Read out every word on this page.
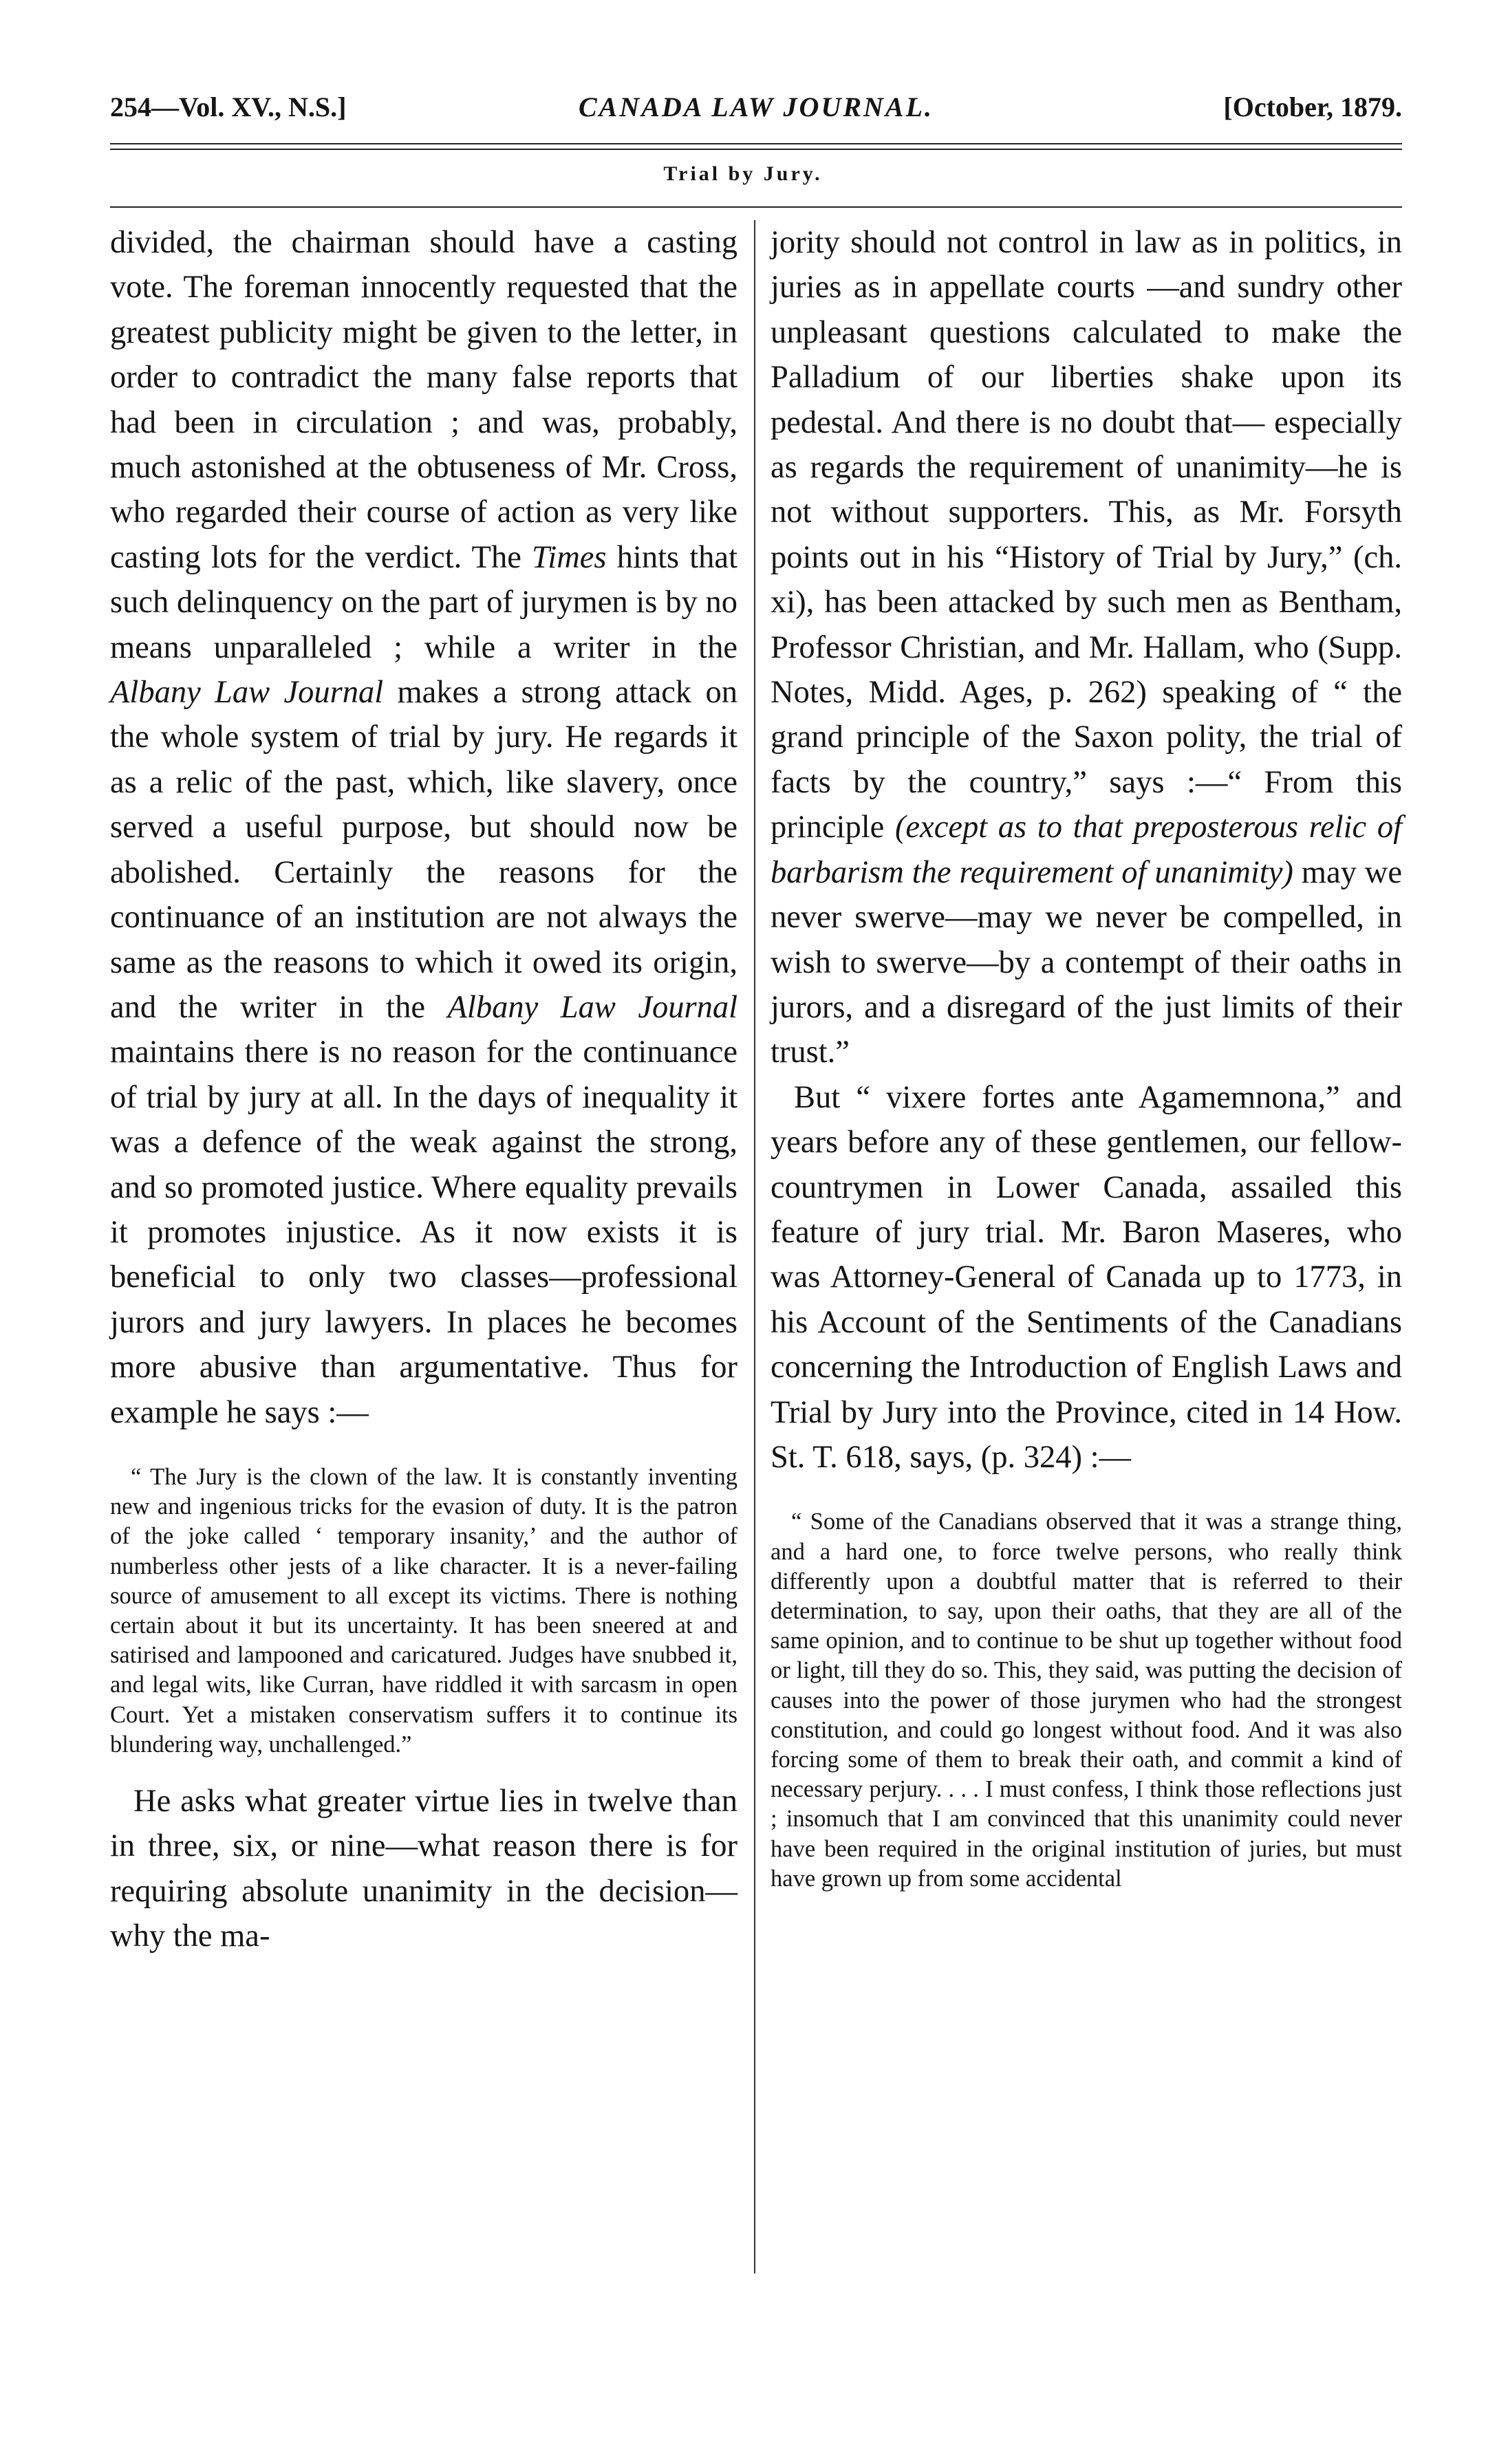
254—Vol. XV., N.S.]	CANADA LAW JOURNAL.	[October, 1879.
Trial by Jury.

divided, the chairman should have a casting vote. The foreman innocently requested that the greatest publicity might be given to the letter, in order to contradict the many false reports that had been in circulation ; and was, probably, much astonished at the obtuseness of Mr. Cross, who regarded their course of action as very like casting lots for the verdict. The Times hints that such delinquency on the part of jurymen is by no means unparalleled ; while a writer in the Albany Law Journal makes a strong attack on the whole system of trial by jury. He regards it as a relic of the past, which, like slavery, once served a useful purpose, but should now be abolished. Certainly the reasons for the continuance of an institution are not always the same as the reasons to which it owed its origin, and the writer in the Albany Law Journal maintains there is no reason for the continuance of trial by jury at all. In the days of inequality it was a defence of the weak against the strong, and so promoted justice. Where equality prevails it promotes injustice. As it now exists it is beneficial to only two classes—professional jurors and jury lawyers. In places he becomes more abusive than argumentative. Thus for example he says :—

“ The Jury is the clown of the law. It is constantly inventing new and ingenious tricks for the evasion of duty. It is the patron of the joke called ‘ temporary insanity,’ and the author of numberless other jests of a like character. It is a never-failing source of amusement to all except its victims. There is nothing certain about it but its uncertainty. It has been sneered at and satirised and lampooned and caricatured. Judges have snubbed it, and legal wits, like Curran, have riddled it with sarcasm in open Court. Yet a mistaken conservatism suffers it to continue its blundering way, unchallenged.”

He asks what greater virtue lies in twelve than in three, six, or nine—what reason there is for requiring absolute unanimity in the decision—why the ma-

jority should not control in law as in politics, in juries as in appellate courts —and sundry other unpleasant questions calculated to make the Palladium of our liberties shake upon its pedestal. And there is no doubt that— especially as regards the requirement of unanimity—he is not without supporters. This, as Mr. Forsyth points out in his “History of Trial by Jury,” (ch. xi), has been attacked by such men as Bentham, Professor Christian, and Mr. Hallam, who (Supp. Notes, Midd. Ages, p. 262) speaking of “ the grand principle of the Saxon polity, the trial of facts by the country,” says :—“ From this principle (except as to that preposterous relic of barbarism the requirement of unanimity) may we never swerve—may we never be compelled, in wish to swerve—by a contempt of their oaths in jurors, and a disregard of the just limits of their trust.”

But “ vixere fortes ante Agamemnona,” and years before any of these gentlemen, our fellow-countrymen in Lower Canada, assailed this feature of jury trial. Mr. Baron Maseres, who was Attorney-General of Canada up to 1773, in his Account of the Sentiments of the Canadians concerning the Introduction of English Laws and Trial by Jury into the Province, cited in 14 How. St. T. 618, says, (p. 324) :—

“ Some of the Canadians observed that it was a strange thing, and a hard one, to force twelve persons, who really think differently upon a doubtful matter that is referred to their determination, to say, upon their oaths, that they are all of the same opinion, and to continue to be shut up together without food or light, till they do so. This, they said, was putting the decision of causes into the power of those jurymen who had the strongest constitution, and could go longest without food. And it was also forcing some of them to break their oath, and commit a kind of necessary perjury. . . . I must confess, I think those reflections just ; insomuch that I am convinced that this unanimity could never have been required in the original institution of juries, but must have grown up from some accidental
